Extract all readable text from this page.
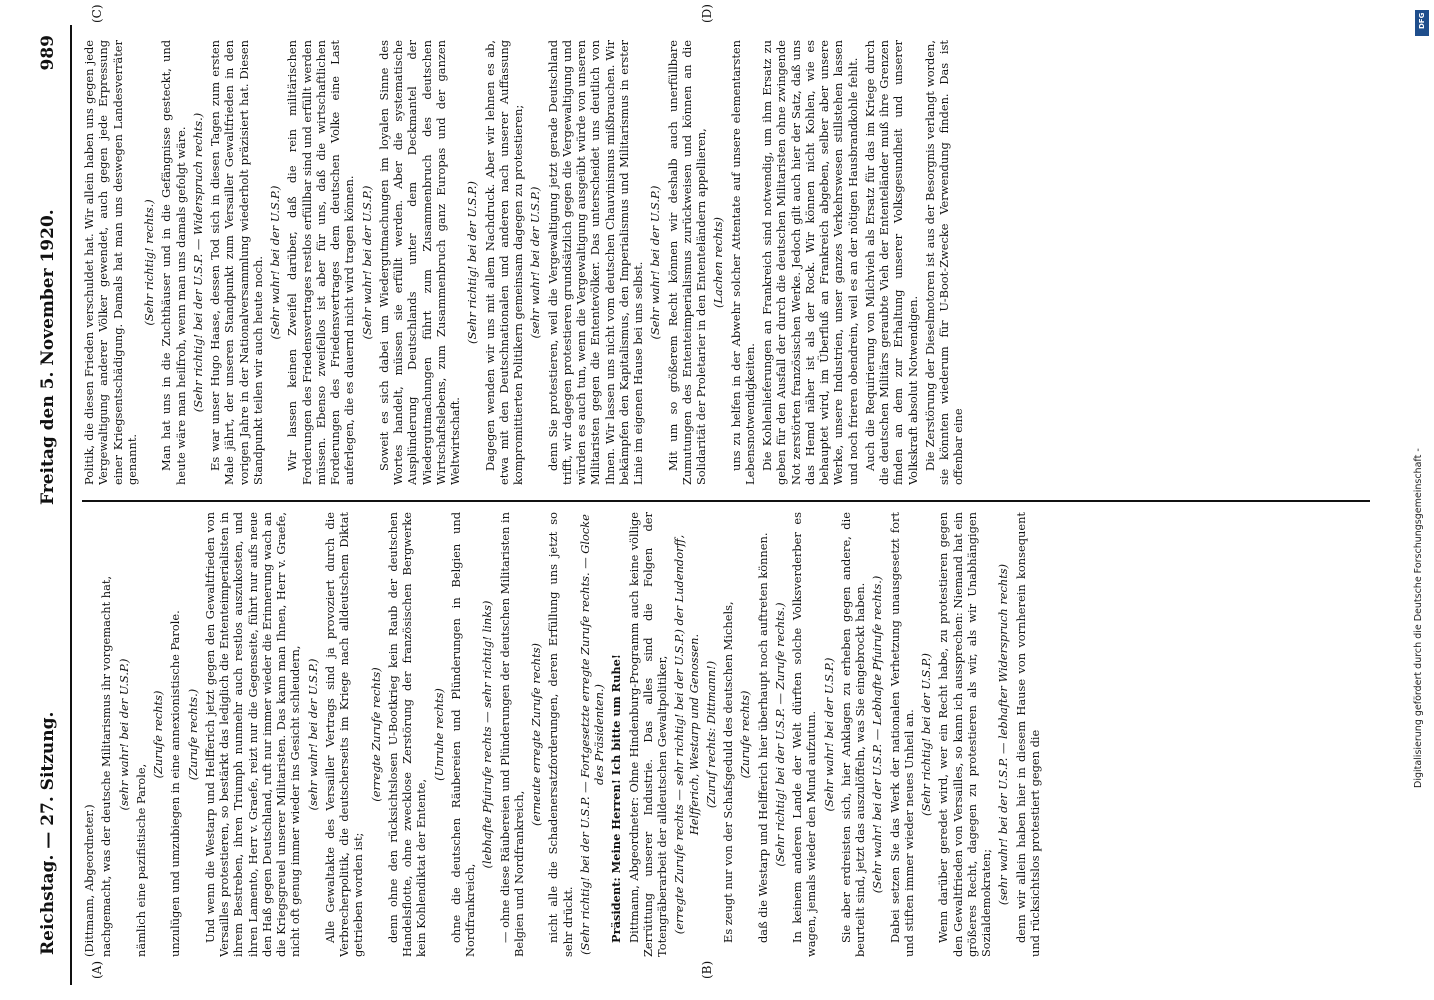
Reichstag. — 27. Sitzung.
Freitag den 5. November 1920.
989
(A)	(B)
(C)	(D)

(Dittmann, Abgeordneter.) nachgemacht, was der deutsche Militarismus ihr vorgemacht hat, (sehr wahr! bei der U.S.P.)

nämlich eine pazifistische Parole,

(Zurufe rechts) unzulügen und umzubiegen in eine annexionistische Parole. (Zurufe rechts.) Und wenn die Westarp und Helfferich jetzt gegen den Gewaltfrieden von Versailles protestieren, so bestärkt das lediglich die Ententeimperialisten in ihrem Bestreben, ihren Triumph nunmehr auch restlos auszukosten, und ihren Lamento, Herr v. Graefe, reizt nur die Gegenseite, führt nur aufs neue den Haß gegen Deutschland, ruft nur immer wieder die Erinnerung wach an die Kriegsgreuel unserer Militaristen. Das kann man Ihnen, Herr v. Graefe, nicht oft genug immer wieder ins Gesicht schleudern, (sehr wahr! bei der U.S.P.) Alle Gewaltakte des Versailler Vertrags sind ja provoziert durch die Verbrecherpolitik, die deutscherseits im Kriege nach alldeutschem Diktat getrieben worden ist;

(erregte Zurufe rechts) denn ohne den rücksichtslosen U-Bootkrieg kein Raub der deutschen Handelsflotte, ohne zwecklose Zerstörung der französischen Bergwerke kein Kohlendiktat der Entente,

(Unruhe rechts) ohne die deutschen Räubereien und Plünderungen in Belgien und Nordfrankreich,

(lebhafte Pfuirufe rechts — sehr richtig! links) — ohne diese Räubereien und Plünderungen der deutschen Militaristen in Belgien und Nordfrankreich,

(erneute erregte Zurufe rechts) nicht alle die Schadenersatzforderungen, deren Erfüllung uns jetzt so sehr drückt. (Sehr richtig! bei der U.S.P. — Fortgesetzte erregte Zurufe rechts. — Glocke des Präsidenten.) Präsident: Meine Herren! Ich bitte um Ruhe! Dittmann, Abgeordneter: Ohne Hindenburg-Programm auch keine völlige Zerrüttung unserer Industrie. Das alles sind die Folgen der Totengräberarbeit der alldeutschen Gewaltpolitiker, (erregte Zurufe rechts — sehr richtig! bei der U.S.P.) der Ludendorff, Helfferich, Westarp und Genossen. (Zuruf rechts: Dittmann!) Es zeugt nur von der Schafsgeduld des deutschen Michels, (Zurufe rechts) daß die Westarp und Helfferich hier überhaupt noch auftreten können. (Sehr richtig! bei der U.S.P. — Zurufe rechts.) In keinem anderen Lande der Welt dürften solche Volksverderber es wagen, jemals wieder den Mund aufzutun. (Sehr wahr! bei der U.S.P.) Sie aber erdreisten sich, hier Anklagen zu erheben gegen andere, die beurteilt sind, jetzt das auszulöffeln, was Sie eingebrockt haben. (Sehr wahr! bei der U.S.P. — Lebhafte Pfuirufe rechts.) Dabei setzen Sie das Werk der nationalen Verhetzung unausgesetzt fort und stiften immer wieder neues Unheil an. (Sehr richtig! bei der U.S.P.) Wenn darüber geredet wird, wer ein Recht habe, zu protestieren gegen den Gewaltfrieden von Versailles, so kann ich aussprechen: Niemand hat ein größeres Recht, dagegen zu protestieren als wir, als wir Unabhängigen Sozialdemokraten; (sehr wahr! bei der U.S.P. — lebhafter Widerspruch rechts) denn wir allein haben hier in diesem Hause von vornherein konsequent und rücksichtslos protestiert gegen die

Politik, die diesen Frieden verschuldet hat. Wir allein haben uns gegen jede Vergewaltigung anderer Völker gewendet, auch gegen jede Erpressung einer Kriegsentschädigung. Damals hat man uns deswegen Landesverräter genannt.

(Sehr richtig! rechts.) Man hat uns in die Zuchthäuser und in die Gefängnisse gesteckt, und heute wäre man heilfroh, wenn man uns damals gefolgt wäre. (Sehr richtig! bei der U.S.P. — Widerspruch rechts.) Es war unser Hugo Haase, dessen Tod sich in diesen Tagen zum ersten Male jährt, der unseren Standpunkt zum Versailler Gewaltfrieden in den vorigen Jahre in der Nationalversammlung wiederholt präzisiert hat. Diesen Standpunkt teilen wir auch heute noch. (Sehr wahr! bei der U.S.P.) Wir lassen keinen Zweifel darüber, daß die rein militärischen Forderungen des Friedensvertrages restlos erfüllbar sind und erfüllt werden müssen. Ebenso zweifellos ist aber für uns, daß die wirtschaftlichen Forderungen des Friedensvertrages dem deutschen Volke eine Last auferlegen, die es dauernd nicht wird tragen können. (Sehr wahr! bei der U.S.P.) Soweit es sich dabei um Wiedergutmachungen im loyalen Sinne des Wortes handelt, müssen sie erfüllt werden. Aber die systematische Ausplünderung Deutschlands unter dem Deckmantel der Wiedergutmachungen führt zum Zusammenbruch des deutschen Wirtschaftslebens, zum Zusammenbruch ganz Europas und der ganzen Weltwirtschaft.

(Sehr richtig! bei der U.S.P.) Dagegen wenden wir uns mit allem Nachdruck. Aber wir lehnen es ab, etwa mit den Deutschnationalen und anderen nach unserer Auffassung kompromittierten Politikern gemeinsam dagegen zu protestieren; (sehr wahr! bei der U.S.P.) denn Sie protestieren, weil die Vergewaltigung jetzt gerade Deutschland trifft, wir dagegen protestieren grundsätzlich gegen die Vergewaltigung und würden es auch tun, wenn die Vergewaltigung ausgeübt würde von unseren Militaristen gegen die Ententevölker. Das unterscheidet uns deutlich von Ihnen. Wir lassen uns nicht vom deutschen Chauvinismus mißbrauchen. Wir bekämpfen den Kapitalismus, den Imperialismus und Militarismus in erster Linie im eigenen Hause bei uns selbst. (Sehr wahr! bei der U.S.P.) Mit um so größerem Recht können wir deshalb auch unerfüllbare Zumutungen des Ententeimperialismus zurückweisen und können an die Solidarität der Proletarier in den Ententeländern appellieren, (Lachen rechts) uns zu helfen in der Abwehr solcher Attentate auf unsere elementarsten Lebensnotwendigkeiten. Die Kohlenlieferungen an Frankreich sind notwendig, um ihm Ersatz zu geben für den Ausfall der durch die deutschen Militaristen ohne zwingende Not zerstörten französischen Werke. Jedoch gilt auch hier der Satz, daß uns das Hemd näher ist als der Rock. Wir können nicht Kohlen, wie es behauptet wird, im Überfluß an Frankreich abgeben, selber aber unsere Werke, unsere Industrien, unser ganzes Verkehrswesen stillstehen lassen und noch frieren obendrein, weil es an der nötigen Hausbrandkohle fehlt. Auch die Requirierung von Milchvieh als Ersatz für das im Kriege durch die deutschen Militärs geraubte Vieh der Ententeländer muß ihre Grenzen finden an dem zur Erhaltung unserer Volksgesundheit und unserer Volkskraft absolut Notwendigen. Die Zerstörung der Dieselmotoren ist aus der Besorgnis verlangt worden, sie könnten wiederum für U-Boot-Zwecke Verwendung finden. Das ist offenbar eine

DFG
Digitalisierung gefördert durch die Deutsche Forschungsgemeinschaft -
